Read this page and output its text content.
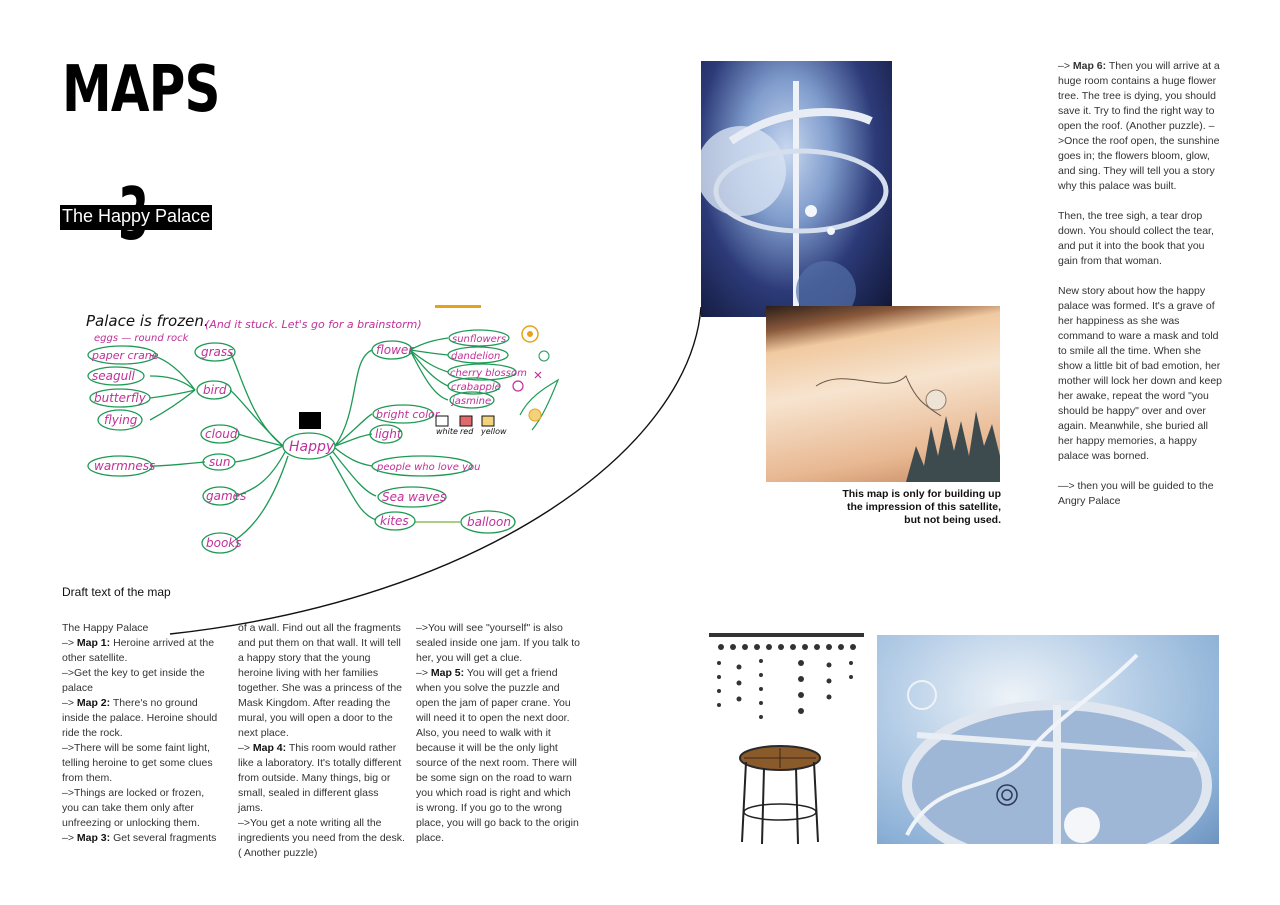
MAPS
The Happy Palace
Palace is frozen.
(And it stuck. Let's go for a brainstorm)
Happy
grass
bird
cloud
sun
games
books
eggs — round rock
paper crane
seagull
butterfly
flying
warmness
flower
sunflowers
dandelion
cherry blossom
crabapple
jasmine
bright color
light
people who love you
Sea waves
kites	balloon
white red yellow
Draft text of the map

The Happy Palace

–> Map 1: Heroine arrived at the other satellite.

–>Get the key to get inside the palace

–> Map 2: There's no ground inside the palace. Heroine should ride the rock.

–>There will be some faint light, telling heroine to get some clues from them.

–>Things are locked or frozen, you can take them only after unfreezing or unlocking them.

–> Map 3: Get several fragments

of a wall. Find out all the fragments and put them on that wall. It will tell a happy story that the young heroine living with her families together. She was a princess of the Mask Kingdom. After reading the mural, you will open a door to the next place.

–> Map 4: This room would rather like a laboratory. It's totally different from outside. Many things, big or small, sealed in different glass jams.

–>You get a note writing all the ingredients you need from the desk. ( Another puzzle)

–>You will see "yourself" is also sealed inside one jam. If you talk to her, you will get a clue.

–> Map 5: You will get a friend when you solve the puzzle and open the jam of paper crane. You will need it to open the next door. Also, you need to walk with it because it will be the only light source of the next room. There will be some sign on the road to warn you which road is right and which is wrong. If you go to the wrong place, you will go back to the origin place.

This map is only for building up the impression of this satellite, but not being used.

–> Map 6: Then you will arrive at a huge room contains a huge flower tree. The tree is dying, you should save it. Try to find the right way to open the roof. (Another puzzle). –>Once the roof open, the sunshine goes in; the flowers bloom, glow, and sing. They will tell you a story why this palace was built.

Then, the tree sigh, a tear drop down. You should collect the tear, and put it into the book that you gain from that woman.

New story about how the happy palace was formed. It's a grave of her happiness as she was command to ware a mask and told to smile all the time. When she show a little bit of bad emotion, her mother will lock her down and keep her awake, repeat the word "you should be happy" over and over again. Meanwhile, she buried all her happy memories, a happy palace was borned.

—> then you will be guided to the Angry Palace
